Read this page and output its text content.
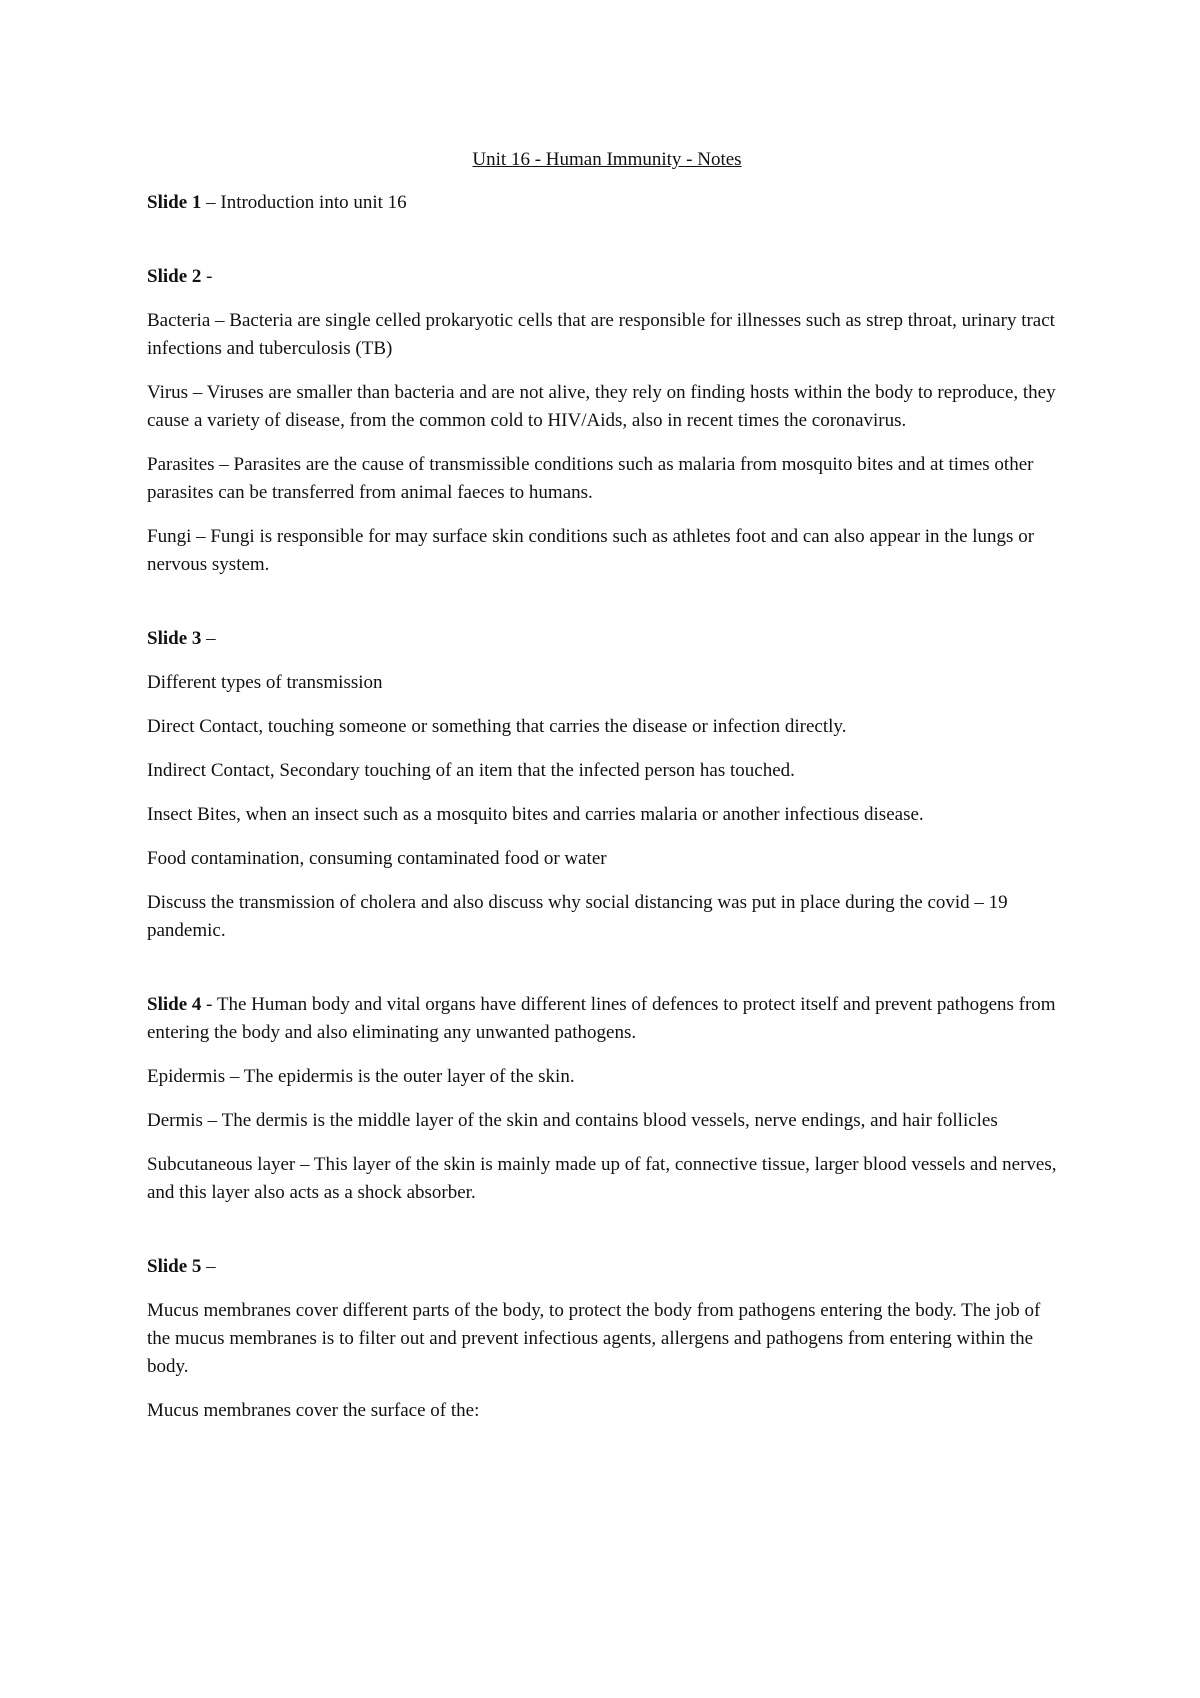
Unit 16 - Human Immunity - Notes

Slide 1 – Introduction into unit 16

Slide 2 -

Bacteria – Bacteria are single celled prokaryotic cells that are responsible for illnesses such as strep throat, urinary tract infections and tuberculosis (TB)

Virus – Viruses are smaller than bacteria and are not alive, they rely on finding hosts within the body to reproduce, they cause a variety of disease, from the common cold to HIV/Aids, also in recent times the coronavirus.

Parasites – Parasites are the cause of transmissible conditions such as malaria from mosquito bites and at times other parasites can be transferred from animal faeces to humans.

Fungi – Fungi is responsible for may surface skin conditions such as athletes foot and can also appear in the lungs or nervous system.

Slide 3 –

Different types of transmission

Direct Contact, touching someone or something that carries the disease or infection directly.

Indirect Contact, Secondary touching of an item that the infected person has touched.

Insect Bites, when an insect such as a mosquito bites and carries malaria or another infectious disease.

Food contamination, consuming contaminated food or water

Discuss the transmission of cholera and also discuss why social distancing was put in place during the covid – 19 pandemic.

Slide 4 - The Human body and vital organs have different lines of defences to protect itself and prevent pathogens from entering the body and also eliminating any unwanted pathogens.

Epidermis – The epidermis is the outer layer of the skin.

Dermis – The dermis is the middle layer of the skin and contains blood vessels, nerve endings, and hair follicles

Subcutaneous layer – This layer of the skin is mainly made up of fat, connective tissue, larger blood vessels and nerves, and this layer also acts as a shock absorber.

Slide 5 –

Mucus membranes cover different parts of the body, to protect the body from pathogens entering the body. The job of the mucus membranes is to filter out and prevent infectious agents, allergens and pathogens from entering within the body.

Mucus membranes cover the surface of the:
